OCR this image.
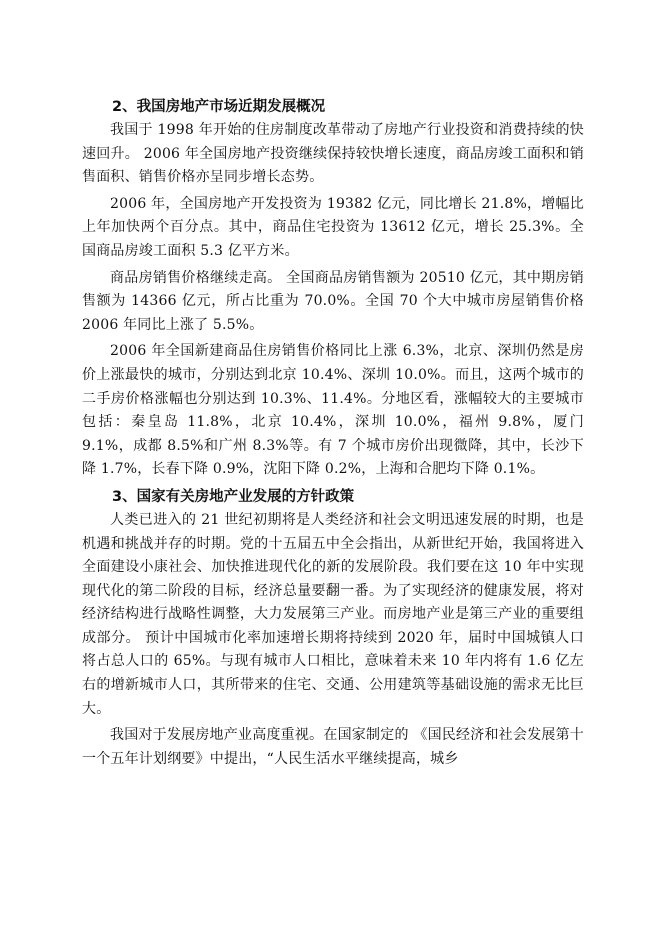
2、我国房地产市场近期发展概况

我国于 1998 年开始的住房制度改革带动了房地产行业投资和消费持续的快速回升。 2006 年全国房地产投资继续保持较快增长速度，商品房竣工面积和销售面积、销售价格亦呈同步增长态势。

2006 年，全国房地产开发投资为 19382 亿元，同比增长 21.8%，增幅比上年加快两个百分点。其中，商品住宅投资为 13612 亿元，增长 25.3%。全国商品房竣工面积 5.3 亿平方米。

商品房销售价格继续走高。 全国商品房销售额为 20510 亿元，其中期房销售额为 14366 亿元，所占比重为 70.0%。全国 70 个大中城市房屋销售价格 2006 年同比上涨了 5.5%。

2006 年全国新建商品住房销售价格同比上涨 6.3%，北京、深圳仍然是房价上涨最快的城市，分别达到北京 10.4%、深圳 10.0%。而且，这两个城市的二手房价格涨幅也分别达到 10.3%、11.4%。分地区看，涨幅较大的主要城市包括：秦皇岛 11.8%，北京 10.4%，深圳 10.0%，福州 9.8%，厦门 9.1%，成都 8.5%和广州 8.3%等。有 7 个城市房价出现微降，其中，长沙下降 1.7%，长春下降 0.9%，沈阳下降 0.2%，上海和合肥均下降 0.1%。

3、国家有关房地产业发展的方针政策

人类已进入的 21 世纪初期将是人类经济和社会文明迅速发展的时期，也是机遇和挑战并存的时期。党的十五届五中全会指出，从新世纪开始，我国将进入全面建设小康社会、加快推进现代化的新的发展阶段。我们要在这 10 年中实现现代化的第二阶段的目标，经济总量要翻一番。为了实现经济的健康发展，将对经济结构进行战略性调整，大力发展第三产业。而房地产业是第三产业的重要组成部分。 预计中国城市化率加速增长期将持续到 2020 年，届时中国城镇人口将占总人口的 65%。与现有城市人口相比，意味着未来 10 年内将有 1.6 亿左右的增新城市人口，其所带来的住宅、交通、公用建筑等基础设施的需求无比巨大。

我国对于发展房地产业高度重视。在国家制定的 《国民经济和社会发展第十一个五年计划纲要》中提出，“人民生活水平继续提高，城乡
